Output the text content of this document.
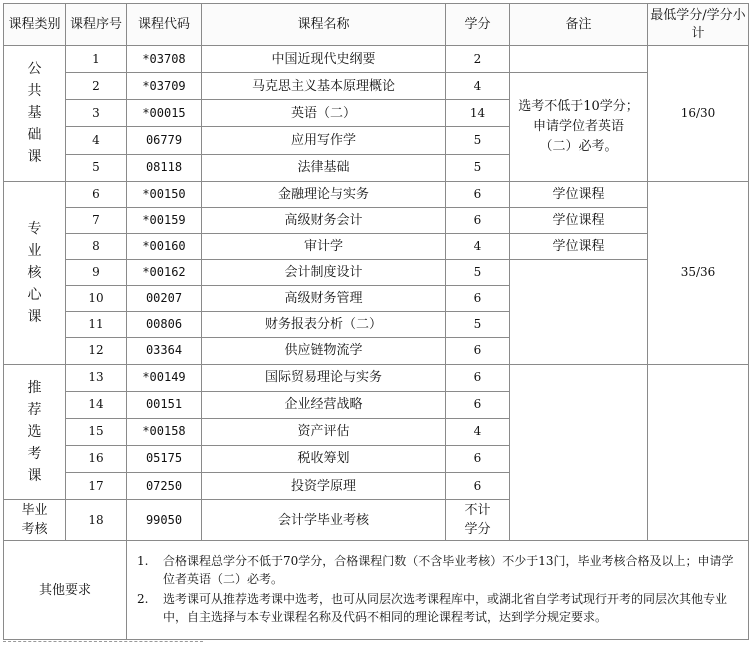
课程类别	课程序号	课程代码	课程名称	学分	备注	最低学分/学分小计

公共基础课	1	*03708	中国近现代史纲要	2		16/30
	2	*03709	马克思主义基本原理概论	4	选考不低于10学分；申请学位者英语（二）必考。	

	3	*00015	英语（二）	14		
	4	06779	应用写作学	5		
	5	08118	法律基础	5		

专业核心课	6	*00150	金融理论与实务	6	学位课程	35/36
	7	*00159	高级财务会计	6	学位课程	
	8	*00160	审计学	4	学位课程	
	9	*00162	会计制度设计	5		
	10	00207	高级财务管理	6		
	11	00806	财务报表分析（二）	5		
	12	03364	供应链物流学	6		

推荐选考课	13	*00149	国际贸易理论与实务	6		
	14	00151	企业经营战略	6		
	15	*00158	资产评估	4		
	16	05175	税收筹划	6		
	17	07250	投资学原理	6		

毕业考核	18	99050	会计学毕业考核	不计学分		

其他要求		1. 合格课程总学分不低于70学分，合格课程门数（不含毕业考核）不少于13门，毕业考核合格及以上；申请学位者英语（二）必考。
2. 选考课可从推荐选考课中选考，也可从同层次选考课程库中，或湖北省自学考试现行开考的同层次其他专业中，自主选择与本专业课程名称及代码不相同的理论课程考试，达到学分规定要求。				
